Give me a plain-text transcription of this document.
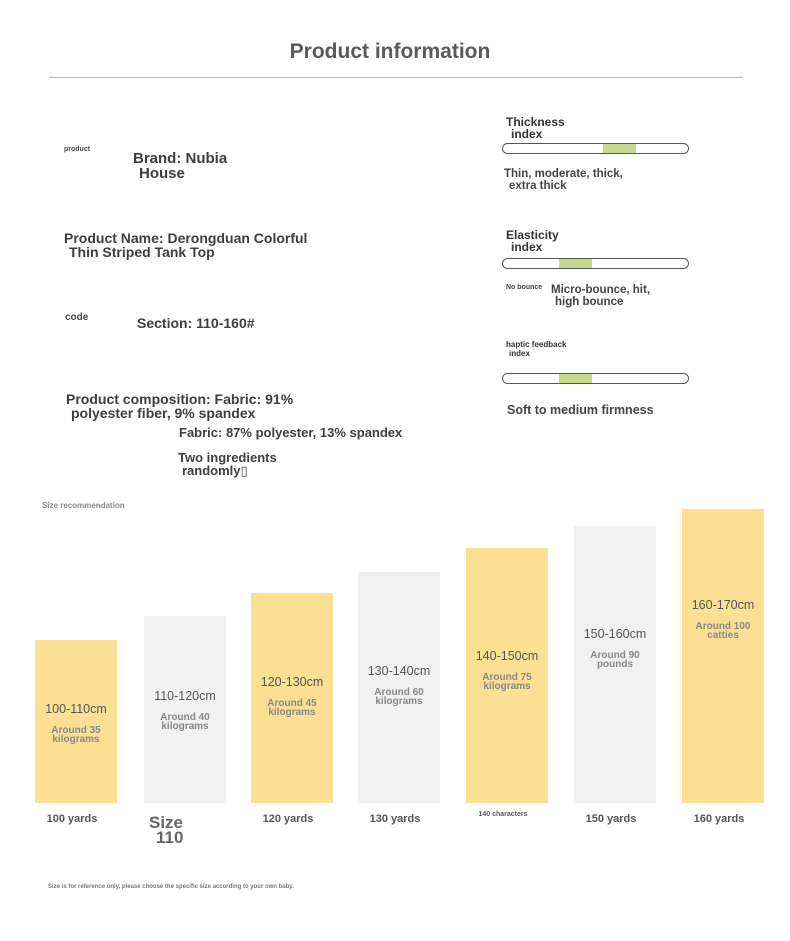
Product information
product
Brand: Nubia
House
Product Name: Derongduan Colorful
Thin Striped Tank Top
code	Section: 110-160#
Product composition: Fabric: 91%
polyester fiber, 9% spandex
Fabric: 87% polyester, 13% spandex
Two ingredients
randomly▯
Thickness
index
Thin, moderate, thick,
extra thick
Elasticity
index
No bounce Micro-bounce, hit,
high bounce
haptic feedback
index
Soft to medium firmness
Size recommendation
100-110cm
Around 35
kilograms
100 yards
110-120cm
Around 40
kilograms
Size
110
120-130cm
Around 45
kilograms
120 yards
130-140cm
Around 60
kilograms
130 yards
140-150cm
Around 75
kilograms
140 characters
150-160cm
Around 90
pounds
150 yards
160-170cm
Around 100
catties
160 yards
Size is for reference only, please choose the specific size according to your own baby.
